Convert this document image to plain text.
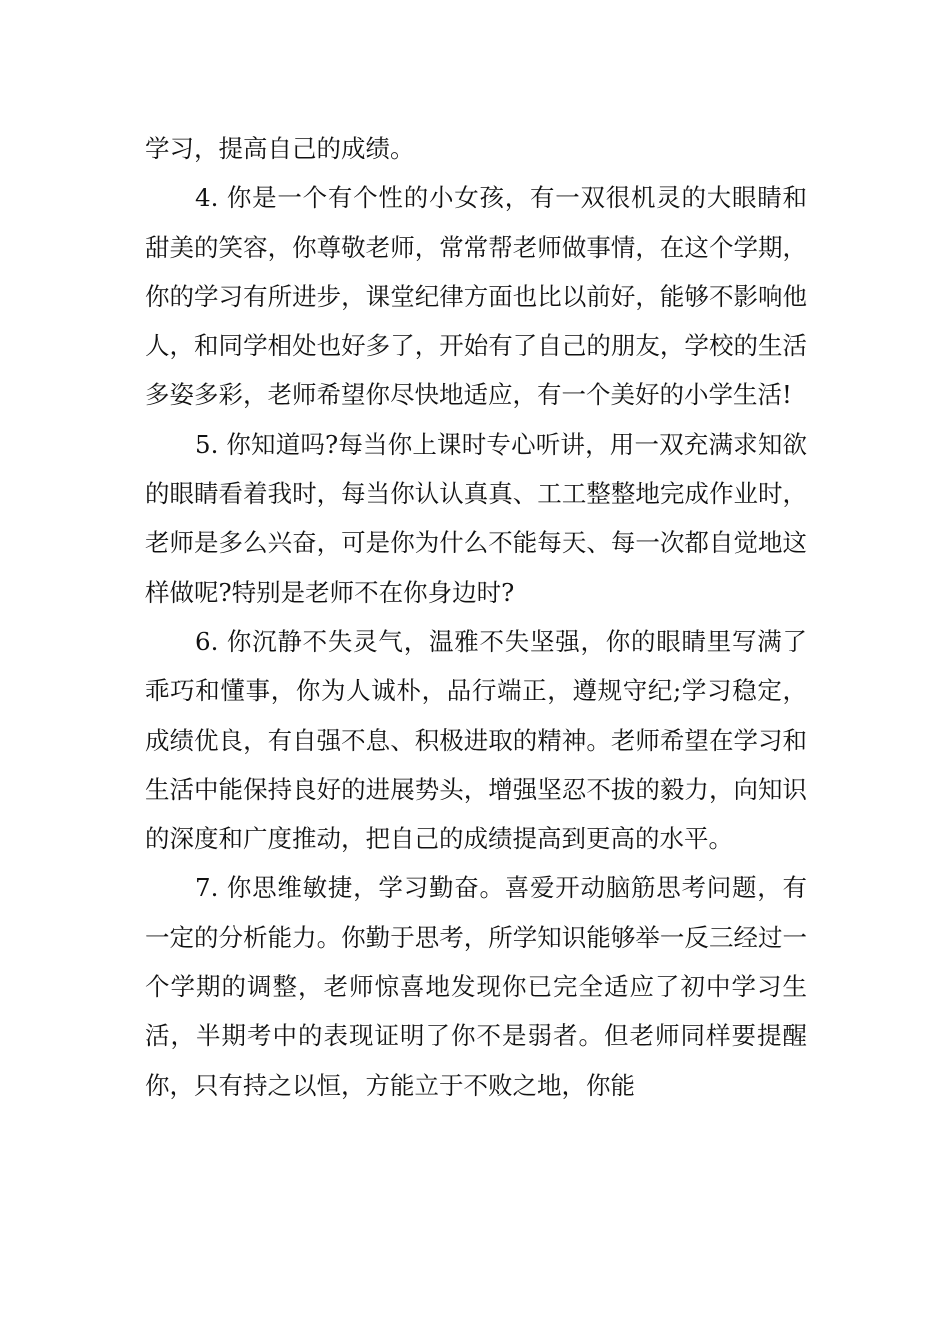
学习，提高自己的成绩。

4. 你是一个有个性的小女孩，有一双很机灵的大眼睛和甜美的笑容，你尊敬老师，常常帮老师做事情，在这个学期，你的学习有所进步，课堂纪律方面也比以前好，能够不影响他人，和同学相处也好多了，开始有了自己的朋友，学校的生活多姿多彩，老师希望你尽快地适应，有一个美好的小学生活!

5. 你知道吗?每当你上课时专心听讲，用一双充满求知欲的眼睛看着我时，每当你认认真真、工工整整地完成作业时，老师是多么兴奋，可是你为什么不能每天、每一次都自觉地这样做呢?特别是老师不在你身边时?

6. 你沉静不失灵气，温雅不失坚强，你的眼睛里写满了乖巧和懂事，你为人诚朴，品行端正，遵规守纪;学习稳定，成绩优良，有自强不息、积极进取的精神。老师希望在学习和生活中能保持良好的进展势头，增强坚忍不拔的毅力，向知识的深度和广度推动，把自己的成绩提高到更高的水平。

7. 你思维敏捷，学习勤奋。喜爱开动脑筋思考问题，有一定的分析能力。你勤于思考，所学知识能够举一反三经过一个学期的调整，老师惊喜地发现你已完全适应了初中学习生活，半期考中的表现证明了你不是弱者。但老师同样要提醒你，只有持之以恒，方能立于不败之地，你能
